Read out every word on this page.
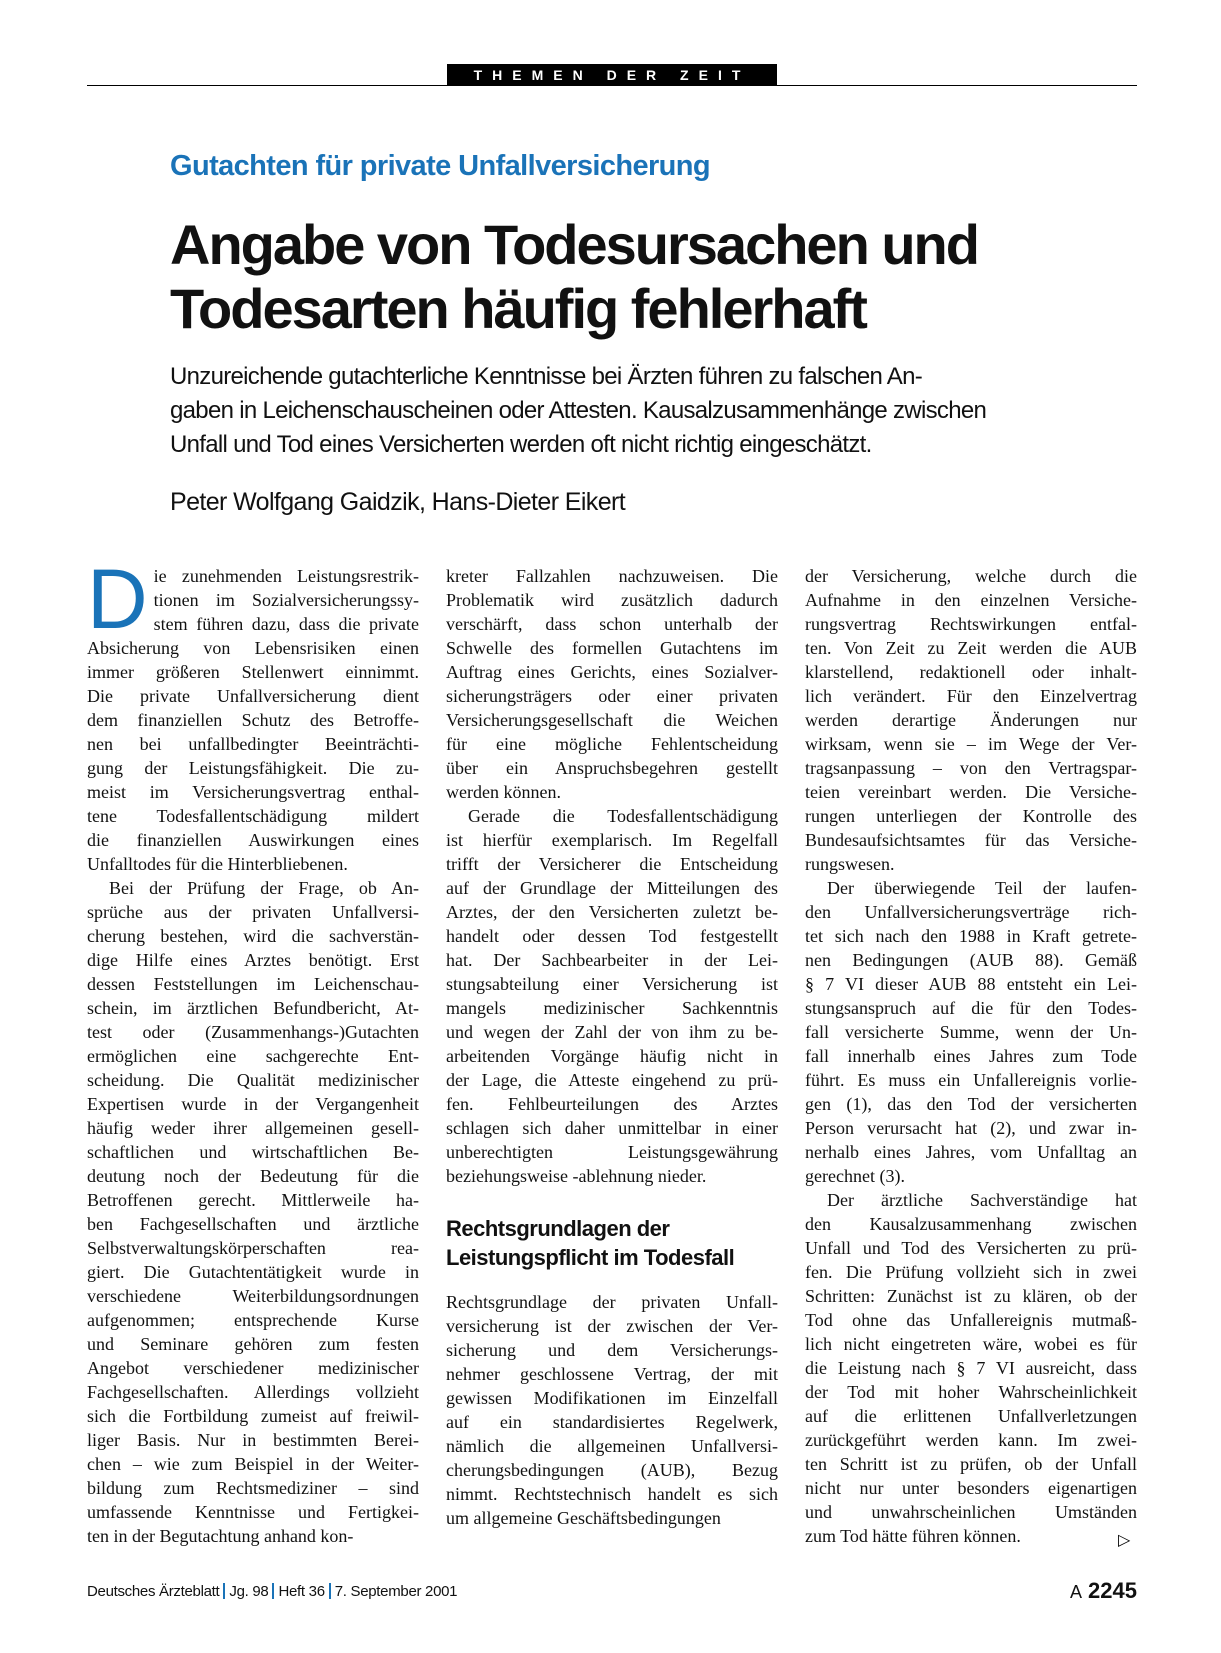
THEMEN DER ZEIT
Gutachten für private Unfallversicherung
Angabe von Todesursachen und
Todesarten häufig fehlerhaft
Unzureichende gutachterliche Kenntnisse bei Ärzten führen zu falschen An-
gaben in Leichenschauscheinen oder Attesten. Kausalzusammenhänge zwischen
Unfall und Tod eines Versicherten werden oft nicht richtig eingeschätzt.
Peter Wolfgang Gaidzik, Hans-Dieter Eikert
D ie zunehmenden Leistungsrestrik-
tionen im Sozialversicherungssy-
stem führen dazu, dass die private
Absicherung von Lebensrisiken einen
immer größeren Stellenwert einnimmt.
Die private Unfallversicherung dient
dem finanziellen Schutz des Betroffe-
nen bei unfallbedingter Beeinträchti-
gung der Leistungsfähigkeit. Die zu-
meist im Versicherungsvertrag enthal-
tene Todesfallentschädigung mildert
die finanziellen Auswirkungen eines
Unfalltodes für die Hinterbliebenen.
Bei der Prüfung der Frage, ob An-
sprüche aus der privaten Unfallversi-
cherung bestehen, wird die sachverstän-
dige Hilfe eines Arztes benötigt. Erst
dessen Feststellungen im Leichenschau-
schein, im ärztlichen Befundbericht, At-
test oder (Zusammenhangs-)Gutachten
ermöglichen eine sachgerechte Ent-
scheidung. Die Qualität medizinischer
Expertisen wurde in der Vergangenheit
häufig weder ihrer allgemeinen gesell-
schaftlichen und wirtschaftlichen Be-
deutung noch der Bedeutung für die
Betroffenen gerecht. Mittlerweile ha-
ben Fachgesellschaften und ärztliche
Selbstverwaltungskörperschaften rea-
giert. Die Gutachtentätigkeit wurde in
verschiedene Weiterbildungsordnungen
aufgenommen; entsprechende Kurse
und Seminare gehören zum festen
Angebot verschiedener medizinischer
Fachgesellschaften. Allerdings vollzieht
sich die Fortbildung zumeist auf freiwil-
liger Basis. Nur in bestimmten Berei-
chen – wie zum Beispiel in der Weiter-
bildung zum Rechtsmediziner – sind
umfassende Kenntnisse und Fertigkei-
ten in der Begutachtung anhand kon-
kreter Fallzahlen nachzuweisen. Die
Problematik wird zusätzlich dadurch
verschärft, dass schon unterhalb der
Schwelle des formellen Gutachtens im
Auftrag eines Gerichts, eines Sozialver-
sicherungsträgers oder einer privaten
Versicherungsgesellschaft die Weichen
für eine mögliche Fehlentscheidung
über ein Anspruchsbegehren gestellt
werden können.
Gerade die Todesfallentschädigung
ist hierfür exemplarisch. Im Regelfall
trifft der Versicherer die Entscheidung
auf der Grundlage der Mitteilungen des
Arztes, der den Versicherten zuletzt be-
handelt oder dessen Tod festgestellt
hat. Der Sachbearbeiter in der Lei-
stungsabteilung einer Versicherung ist
mangels medizinischer Sachkenntnis
und wegen der Zahl der von ihm zu be-
arbeitenden Vorgänge häufig nicht in
der Lage, die Atteste eingehend zu prü-
fen. Fehlbeurteilungen des Arztes
schlagen sich daher unmittelbar in einer
unberechtigten Leistungsgewährung
beziehungsweise -ablehnung nieder.
Rechtsgrundlagen der
Leistungspflicht im Todesfall
Rechtsgrundlage der privaten Unfall-
versicherung ist der zwischen der Ver-
sicherung und dem Versicherungs-
nehmer geschlossene Vertrag, der mit
gewissen Modifikationen im Einzelfall
auf ein standardisiertes Regelwerk,
nämlich die allgemeinen Unfallversi-
cherungsbedingungen (AUB), Bezug
nimmt. Rechtstechnisch handelt es sich
um allgemeine Geschäftsbedingungen
der Versicherung, welche durch die
Aufnahme in den einzelnen Versiche-
rungsvertrag Rechtswirkungen entfal-
ten. Von Zeit zu Zeit werden die AUB
klarstellend, redaktionell oder inhalt-
lich verändert. Für den Einzelvertrag
werden derartige Änderungen nur
wirksam, wenn sie – im Wege der Ver-
tragsanpassung – von den Vertragspar-
teien vereinbart werden. Die Versiche-
rungen unterliegen der Kontrolle des
Bundesaufsichtsamtes für das Versiche-
rungswesen.
Der überwiegende Teil der laufen-
den Unfallversicherungsverträge rich-
tet sich nach den 1988 in Kraft getrete-
nen Bedingungen (AUB 88). Gemäß
§ 7 VI dieser AUB 88 entsteht ein Lei-
stungsanspruch auf die für den Todes-
fall versicherte Summe, wenn der Un-
fall innerhalb eines Jahres zum Tode
führt. Es muss ein Unfallereignis vorlie-
gen (1), das den Tod der versicherten
Person verursacht hat (2), und zwar in-
nerhalb eines Jahres, vom Unfalltag an
gerechnet (3).
Der ärztliche Sachverständige hat
den Kausalzusammenhang zwischen
Unfall und Tod des Versicherten zu prü-
fen. Die Prüfung vollzieht sich in zwei
Schritten: Zunächst ist zu klären, ob der
Tod ohne das Unfallereignis mutmaß-
lich nicht eingetreten wäre, wobei es für
die Leistung nach § 7 VI ausreicht, dass
der Tod mit hoher Wahrscheinlichkeit
auf die erlittenen Unfallverletzungen
zurückgeführt werden kann. Im zwei-
ten Schritt ist zu prüfen, ob der Unfall
nicht nur unter besonders eigenartigen
und unwahrscheinlichen Umständen
zum Tod hätte führen können.	▷
Deutsches Ärzteblatt Jg. 98 Heft 36 7. September 2001	A 2245
